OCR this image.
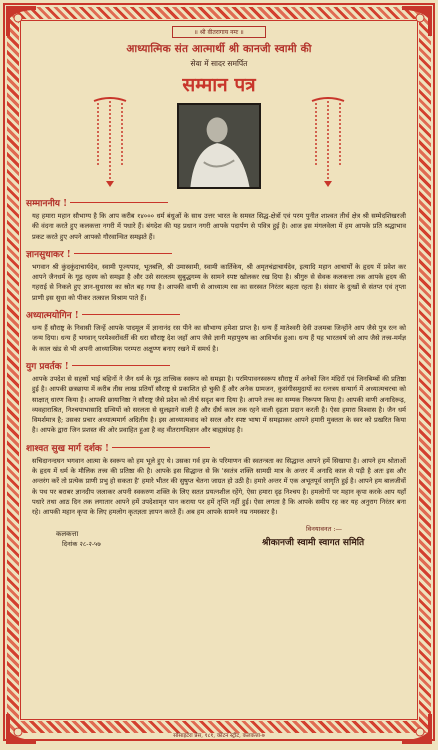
॥ श्री वीतरागाय नमः ॥
आध्यात्मिक संत आत्मार्थी श्री कानजी स्वामी की
सेवा में सादर समर्पित
सम्मान पत्र
सम्माननीय !
यह हमारा महान सौभाग्य है कि आप करीब १४००० धर्म बंधुओं के साथ उत्तर भारत के समस्त सिद्ध-क्षेत्रों एवं परम पुनीत शाश्वत तीर्थ क्षेत्र श्री सम्मेदशिखरजी की वंदना करते हुए कलकत्ता नगरी में पधारे हैं। बंगदेश की यह प्रधान नगरी आपके पदार्पण से पवित्र हुई है। आज इस मंगलवेला में हम आपके प्रति श्रद्धाभाव प्रकट करते हुए अपने आपको गौरवान्वित समझते हैं।
ज्ञानसुधाकर !
भगवान श्री कुंदकुंदाचार्यदेव, स्वामी पूज्यपाद, भूतबलि, श्री उमास्वामी, स्वामी कार्तिकेय, श्री अमृतचंद्राचार्यदेव, इत्यादि महान आचार्यों के हृदय में प्रवेश कर आपने जैनधर्म के गूढ़ रहस्य को समझा है और उसे सरलतम सुबुद्धगम्य के सामने स्पष्ट खोलकर रख दिया है। श्रीगुरु से सेवक कलकत्ता तक आपके हृदय की गहराई से निकले हुए ज्ञान-सुधारस का स्रोत बह गया है। आपकी वाणी से आध्यात्म रस का सरस्वत निरंतर बहता रहता है। संसार के दुःखों से संतप्त एवं तृप्ता प्राणी इस सुधा को पीकर तत्काल विश्राम पाते हैं।
अध्यात्मयोगिन !
धन्य हैं सौराष्ट्र के निवासी जिन्हें आपके पादमूल में ज्ञानानंद रस पीने का सौभाग्य हमेशा प्राप्त है। धन्य हैं मातेश्वरी देवी उजमबा जिन्होंने आप जैसे पुत्र रत्न को जन्म दिया। धन्य हैं भगवान् परमेश्वरोंवर्ती की धरा सौराष्ट्र देश जहाँ आप जैसे ज्ञानी महापुरुष का आविर्भाव हुआ। धन्य हैं यह भारतवर्ष जो आप जैसे तत्त्व-मर्मज्ञ के काल खंड से भी अपनी आध्यात्मिक परम्परा अक्षुण्ण बनाए रखने में समर्थ है।
युग प्रवर्तक !
आपके उपदेश से सहस्रों भाई बहिनों ने जैन धर्म के गूढ़ तात्त्विक स्वरूप को समझा है। परमिपावनस्वरूप सौराष्ट्र में अनेकों जिन मंदिरों एवं जिनबिम्बों की प्रतिष्ठा हुई है। आपकी छत्रछाया में करीब तीस लाख प्रतियाँ सौराष्ट्र से प्रकाशित हो चुकी हैं और अनेक ग्रामजन, कुसंगीसमुदायों का रत्नत्रय सन्मार्ग में अध्यात्मचरचा को साक्षात् धारण किया है। आपकी छायानिष्ठा ने सौराष्ट्र जैसे प्रदेश को तीर्थ सदृश बना दिया है। आपने तत्त्व का सम्यक निरूपण किया है। आपकी वाणी अनादिरूढ़, व्यवहाराश्रित, निश्चयाभासादि ग्रन्थियों को सरलता से सुलझाने वाली है और दीर्घ काल तक रहने वाली दृढ़ता प्रदान करती है। ऐसा हमारा विश्वास है। जैन धर्म विमर्शमात्र है; उसका प्रचार अध्यात्ममार्ग अदितीय है। इस आध्यात्मवाद को सरल और स्पष्ट भाषा में समझाकर आपने हमारी मुक्तता के स्वर को प्रखरित किया है। आपके द्वारा जिन प्रशस्त की ओर प्रवाहित हुआ है वह वीतरागविज्ञान और बाह्यसंग्रह है।
शाश्वत सुख मार्ग दर्शक !
सचिदानन्दघन भगवान आत्मा के स्वरूप को हम भूले हुए थे। उसका गर्व हम के परिमाणन की स्वतन्त्रता का सिद्धान्त आपने हमें सिखाया है। आपने हम श्रोताओं के हृदय में धर्म के मौलिक तत्त्व की प्रतिष्ठा की है। आपके इस सिद्धान्त से कि 'स्वतंत्र शक्ति सामग्री मात्र के अन्तर में अनादि काल से पड़ी है अतः इस और अन्तरंग करें तो प्रत्येक प्राणी प्रभु हो सकता है' हमारे भीतर की सुषुप्त चेतना जाग्रत हो उठी है। हमारे अन्तर में एक अभूतपूर्व जागृति हुई है। आपने हम बालजीवों के पथ पर बराबर ज्ञानदीप जलाकर अपनी स्वकरुण शक्ति के लिए सतत प्रयत्नशील रहेंगे, ऐसा हमारा दृढ़ निश्चय है। हमलोगों पर महान कृपा करके आप यहाँ पधारे तथा आठ दिन तक लगातार आपने हमें उपदेशामृत पान कराया पर हमें तृप्ति नहीं हुई। ऐसा लगता है कि आपके समीप रह कर यह अनुराग निरंतर बना रहे। आपकी महान कृपा के लिए हमलोग कृतज्ञता ज्ञापन करते हैं। अब हम आपके सामने नम्र नमस्कार है।
कलकत्ता
दिनांक २८-२-५७
विनयावनत :—
श्रीकानजी स्वामी स्वागत समिति
सोसाइटेरा प्रेस, १८१, कॉटन स्ट्रीट, कलकत्ता-७
